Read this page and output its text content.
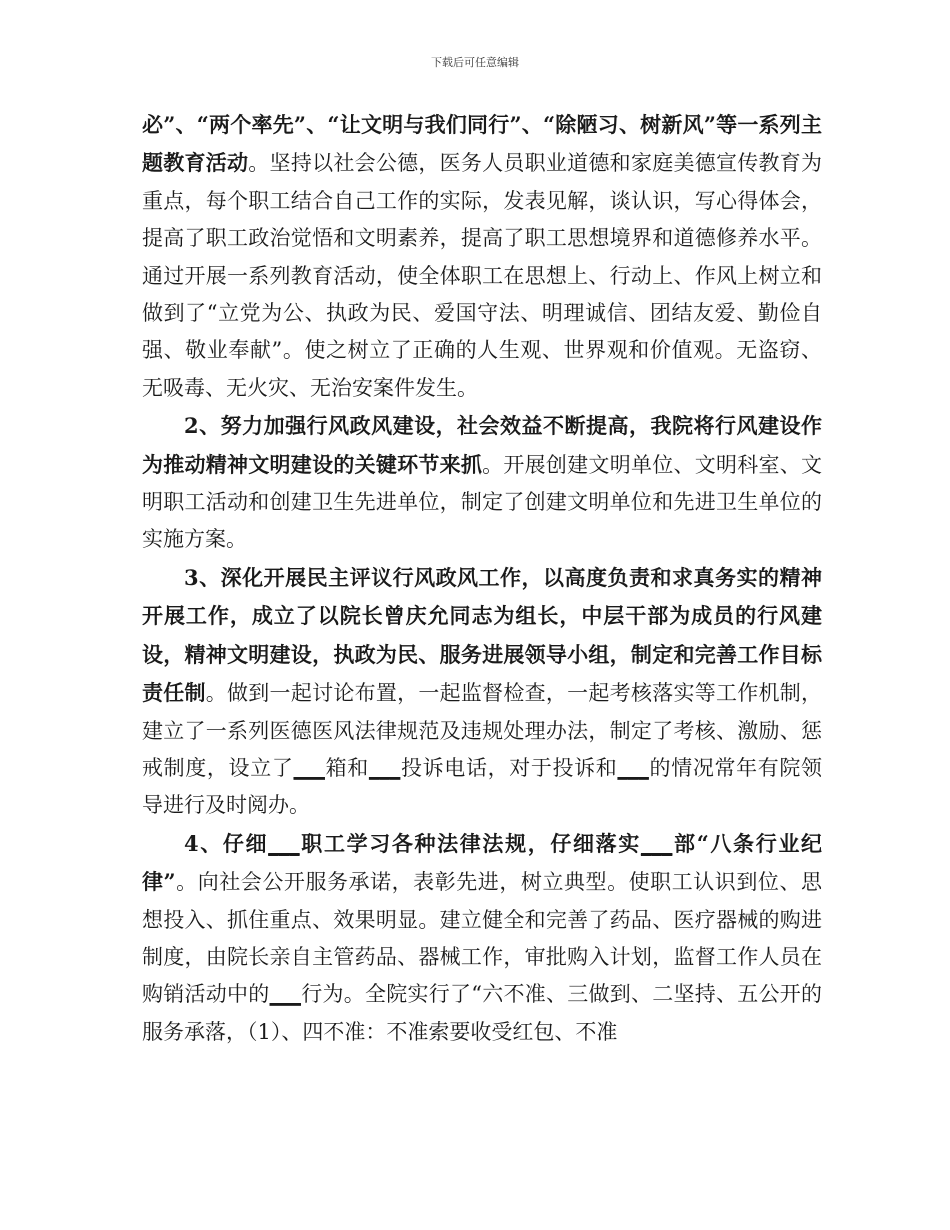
下载后可任意编辑

必”、“两个率先”、“让文明与我们同行”、“除陋习、树新风”等一系列主题教育活动。坚持以社会公德，医务人员职业道德和家庭美德宣传教育为重点，每个职工结合自己工作的实际，发表见解，谈认识，写心得体会，提高了职工政治觉悟和文明素养，提高了职工思想境界和道德修养水平。通过开展一系列教育活动，使全体职工在思想上、行动上、作风上树立和做到了“立党为公、执政为民、爱国守法、明理诚信、团结友爱、勤俭自强、敬业奉献”。使之树立了正确的人生观、世界观和价值观。无盗窃、无吸毒、无火灾、无治安案件发生。

2、努力加强行风政风建设，社会效益不断提高，我院将行风建设作为推动精神文明建设的关键环节来抓。开展创建文明单位、文明科室、文明职工活动和创建卫生先进单位，制定了创建文明单位和先进卫生单位的实施方案。

3、深化开展民主评议行风政风工作，以高度负责和求真务实的精神开展工作，成立了以院长曾庆允同志为组长，中层干部为成员的行风建设，精神文明建设，执政为民、服务进展领导小组，制定和完善工作目标责任制。做到一起讨论布置，一起监督检查，一起考核落实等工作机制，建立了一系列医德医风法律规范及违规处理办法，制定了考核、激励、惩戒制度，设立了___箱和___投诉电话，对于投诉和___的情况常年有院领导进行及时阅办。

4、仔细___职工学习各种法律法规，仔细落实___部“八条行业纪律”。向社会公开服务承诺，表彰先进，树立典型。使职工认识到位、思想投入、抓住重点、效果明显。建立健全和完善了药品、医疗器械的购进制度，由院长亲自主管药品、器械工作，审批购入计划，监督工作人员在购销活动中的___行为。全院实行了“六不准、三做到、二坚持、五公开的服务承落，（1）、四不准：不准索要收受红包、不准
